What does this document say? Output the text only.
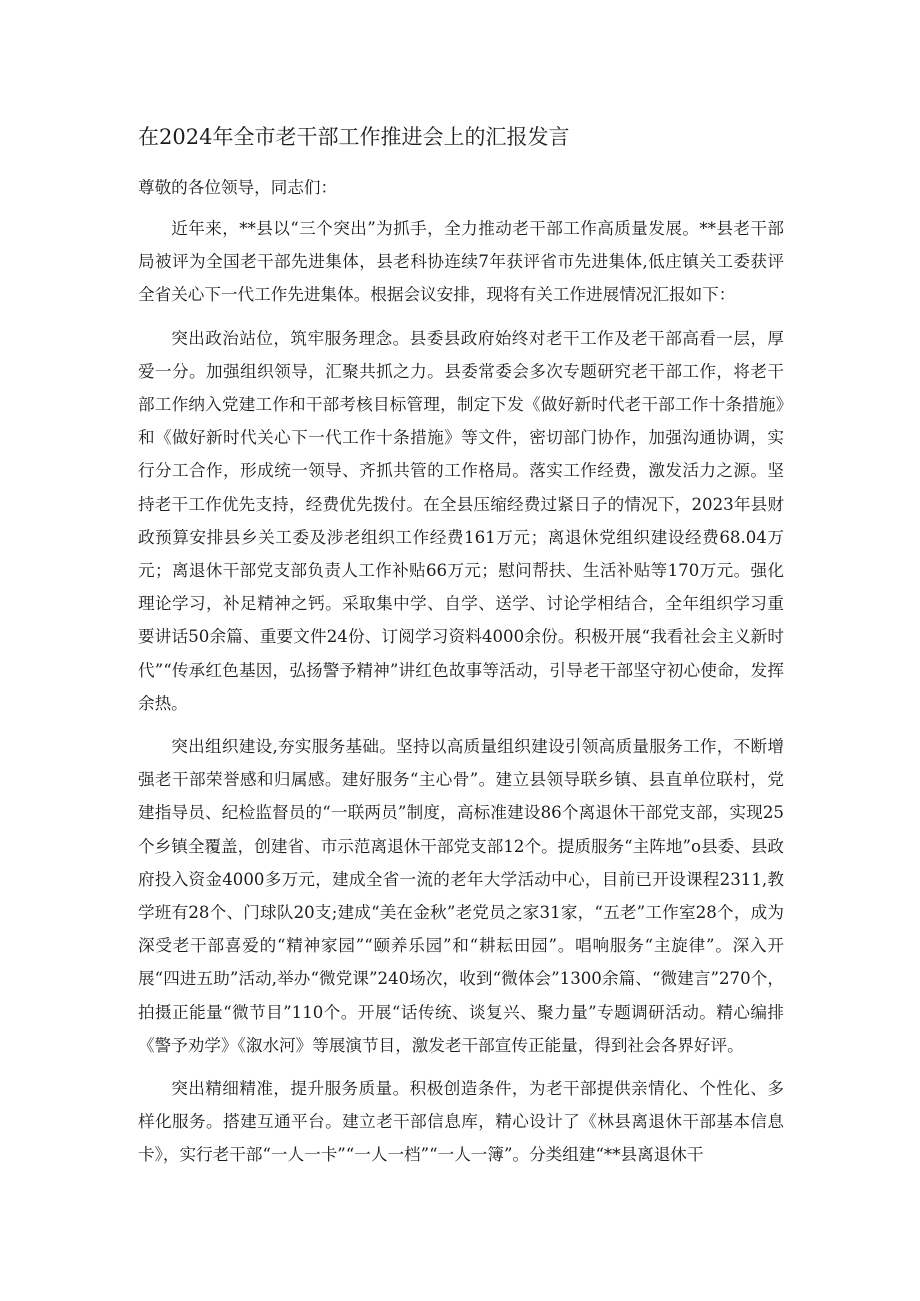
在2024年全市老干部工作推进会上的汇报发言

尊敬的各位领导，同志们：

近年来，**县以“三个突出”为抓手，全力推动老干部工作高质量发展。**县老干部局被评为全国老干部先进集体，县老科协连续7年获评省市先进集体,低庄镇关工委获评全省关心下一代工作先进集体。根据会议安排，现将有关工作进展情况汇报如下：

突出政治站位，筑牢服务理念。县委县政府始终对老干工作及老干部高看一层，厚爱一分。加强组织领导，汇聚共抓之力。县委常委会多次专题研究老干部工作，将老干部工作纳入党建工作和干部考核目标管理，制定下发《做好新时代老干部工作十条措施》和《做好新时代关心下一代工作十条措施》等文件，密切部门协作，加强沟通协调，实行分工合作，形成统一领导、齐抓共管的工作格局。落实工作经费，激发活力之源。坚持老干工作优先支持，经费优先拨付。在全县压缩经费过紧日子的情况下，2023年县财政预算安排县乡关工委及涉老组织工作经费161万元；离退休党组织建设经费68.04万元；离退休干部党支部负责人工作补贴66万元；慰问帮扶、生活补贴等170万元。强化理论学习，补足精神之钙。采取集中学、自学、送学、讨论学相结合，全年组织学习重要讲话50余篇、重要文件24份、订阅学习资料4000余份。积极开展“我看社会主义新时代”“传承红色基因，弘扬警予精神”讲红色故事等活动，引导老干部坚守初心使命，发挥余热。

突出组织建设,夯实服务基础。坚持以高质量组织建设引领高质量服务工作，不断增强老干部荣誉感和归属感。建好服务“主心骨”。建立县领导联乡镇、县直单位联村，党建指导员、纪检监督员的“一联两员”制度，高标准建设86个离退休干部党支部，实现25个乡镇全覆盖，创建省、市示范离退休干部党支部12个。提质服务“主阵地”o县委、县政府投入资金4000多万元，建成全省一流的老年大学活动中心，目前已开设课程2311,教学班有28个、门球队20支;建成“美在金秋”老党员之家31家，“五老”工作室28个，成为深受老干部喜爱的“精神家园”“颐养乐园”和“耕耘田园”。唱响服务“主旋律”。深入开展“四进五助”活动,举办“微党课”240场次，收到“微体会”1300余篇、“微建言”270个，拍摄正能量“微节目”110个。开展“话传统、谈复兴、聚力量”专题调研活动。精心编排《警予劝学》《溆水河》等展演节目，激发老干部宣传正能量，得到社会各界好评。

突出精细精准，提升服务质量。积极创造条件，为老干部提供亲情化、个性化、多样化服务。搭建互通平台。建立老干部信息库，精心设计了《林县离退休干部基本信息卡》，实行老干部“一人一卡”“一人一档”“一人一簿”。分类组建“**县离退休干
